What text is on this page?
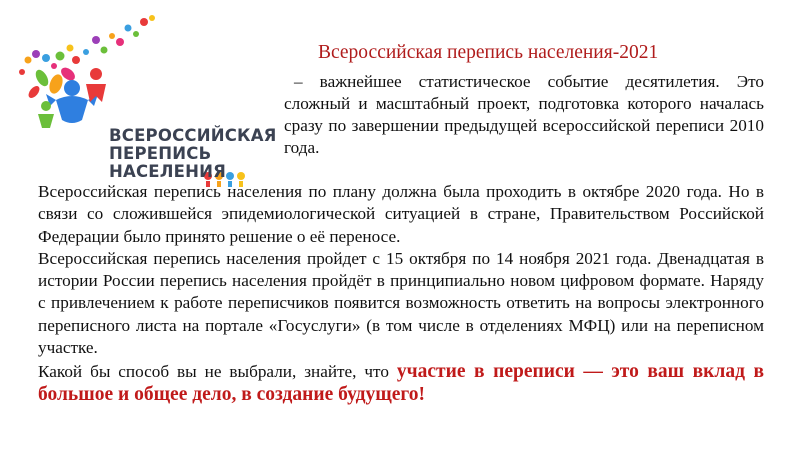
ВСЕРОССИЙСКАЯ
ПЕРЕПИСЬ
НАСЕЛЕНИЯ
Всероссийская перепись населения-2021
– важнейшее статистическое событие десятилетия. Это сложный и масштабный проект, подготовка которого началась сразу по завершении предыдущей всероссийской переписи 2010 года.

Всероссийская перепись населения по плану должна была проходить в октябре 2020 года. Но в связи со сложившейся эпидемиологической ситуацией в стране, Правительством Российской Федерации было принято решение о её переносе.

Всероссийская перепись населения пройдет с 15 октября по 14 ноября 2021 года. Двенадцатая в истории России перепись населения пройдёт в принципиально новом цифровом формате. Наряду с привлечением к работе переписчиков появится возможность ответить на вопросы электронного переписного листа на портале «Госуслуги» (в том числе в отделениях МФЦ) или на переписном участке.

Какой бы способ вы не выбрали, знайте, что участие в переписи — это ваш вклад в большое и общее дело, в создание будущего!
